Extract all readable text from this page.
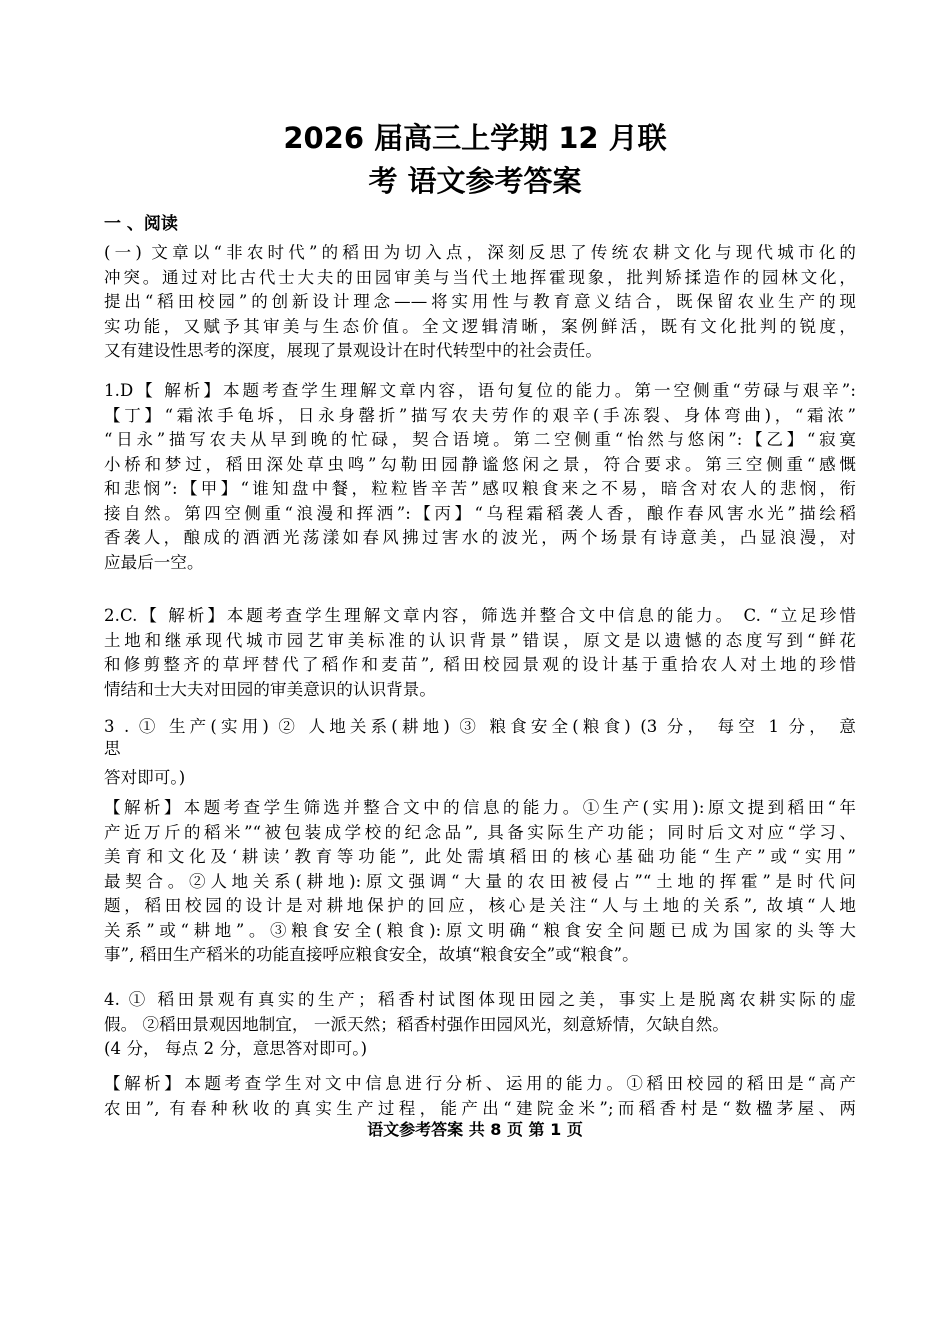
2026 届高三上学期 12 月联
考 语文参考答案
一 、阅读
(一) 文章以“非农时代”的稻田为切入点，深刻反思了传统农耕文化与现代城市化的
冲突。通过对比古代士大夫的田园审美与当代土地挥霍现象，批判矫揉造作的园林文化，
提出“稻田校园”的创新设计理念——将实用性与教育意义结合，既保留农业生产的现
实功能，又赋予其审美与生态价值。全文逻辑清晰，案例鲜活，既有文化批判的锐度，
又有建设性思考的深度，展现了景观设计在时代转型中的社会责任。
1.D【 解析】本题考查学生理解文章内容，语句复位的能力。第一空侧重“劳碌与艰辛”:
【丁】“霜浓手龟坼，日永身罄折”描写农夫劳作的艰辛(手冻裂、身体弯曲)，“霜浓”
“日永”描写农夫从早到晚的忙碌，契合语境。第二空侧重“怡然与悠闲”:【乙】“寂寞
小桥和梦过，稻田深处草虫鸣”勾勒田园静谧悠闲之景，符合要求。第三空侧重“感慨
和悲悯”:【甲】“谁知盘中餐，粒粒皆辛苦”感叹粮食来之不易，暗含对农人的悲悯，衔
接自然。第四空侧重“浪漫和挥洒”:【丙】“乌程霜稻袭人香，酿作春风害水光”描绘稻
香袭人，酿成的酒洒光荡漾如春风拂过害水的波光，两个场景有诗意美，凸显浪漫，对
应最后一空。
2.C.【 解析】本题考查学生理解文章内容，筛选并整合文中信息的能力。 C. “立足珍惜
土地和继承现代城市园艺审美标准的认识背景”错误，原文是以遗憾的态度写到“鲜花
和修剪整齐的草坪替代了稻作和麦苗”, 稻田校园景观的设计基于重拾农人对土地的珍惜
情结和士大夫对田园的审美意识的认识背景。
3 . ① 生产(实用) ② 人地关系(耕地) ③ 粮食安全(粮食) (3 分， 每空 1 分， 意
思
答对即可。)
【解析】本题考查学生筛选并整合文中的信息的能力。①生产(实用):原文提到稻田“年
产近万斤的稻米”“被包装成学校的纪念品”, 具备实际生产功能；同时后文对应“学习、
美育和文化及‘耕读’教育等功能”, 此处需填稻田的核心基础功能“生产”或“实用”
最契合。②人地关系(耕地):原文强调“大量的农田被侵占”“土地的挥霍”是时代问
题，稻田校园的设计是对耕地保护的回应，核心是关注“人与土地的关系”, 故填“人地
关系”或“耕地”。③粮食安全(粮食):原文明确“粮食安全问题已成为国家的头等大
事”, 稻田生产稻米的功能直接呼应粮食安全，故填“粮食安全”或“粮食”。
4. ① 稻田景观有真实的生产；稻香村试图体现田园之美，事实上是脱离农耕实际的虚
假。 ②稻田景观因地制宜， 一派天然；稻香村强作田园风光，刻意矫情，欠缺自然。
(4 分， 每点 2 分，意思答对即可。)
【解析】本题考查学生对文中信息进行分析、运用的能力。①稻田校园的稻田是“高产
农田”, 有春种秋收的真实生产过程，能产出“建院金米”;而稻香村是“数楹茅屋、两
语文参考答案 共 8 页 第 1 页
